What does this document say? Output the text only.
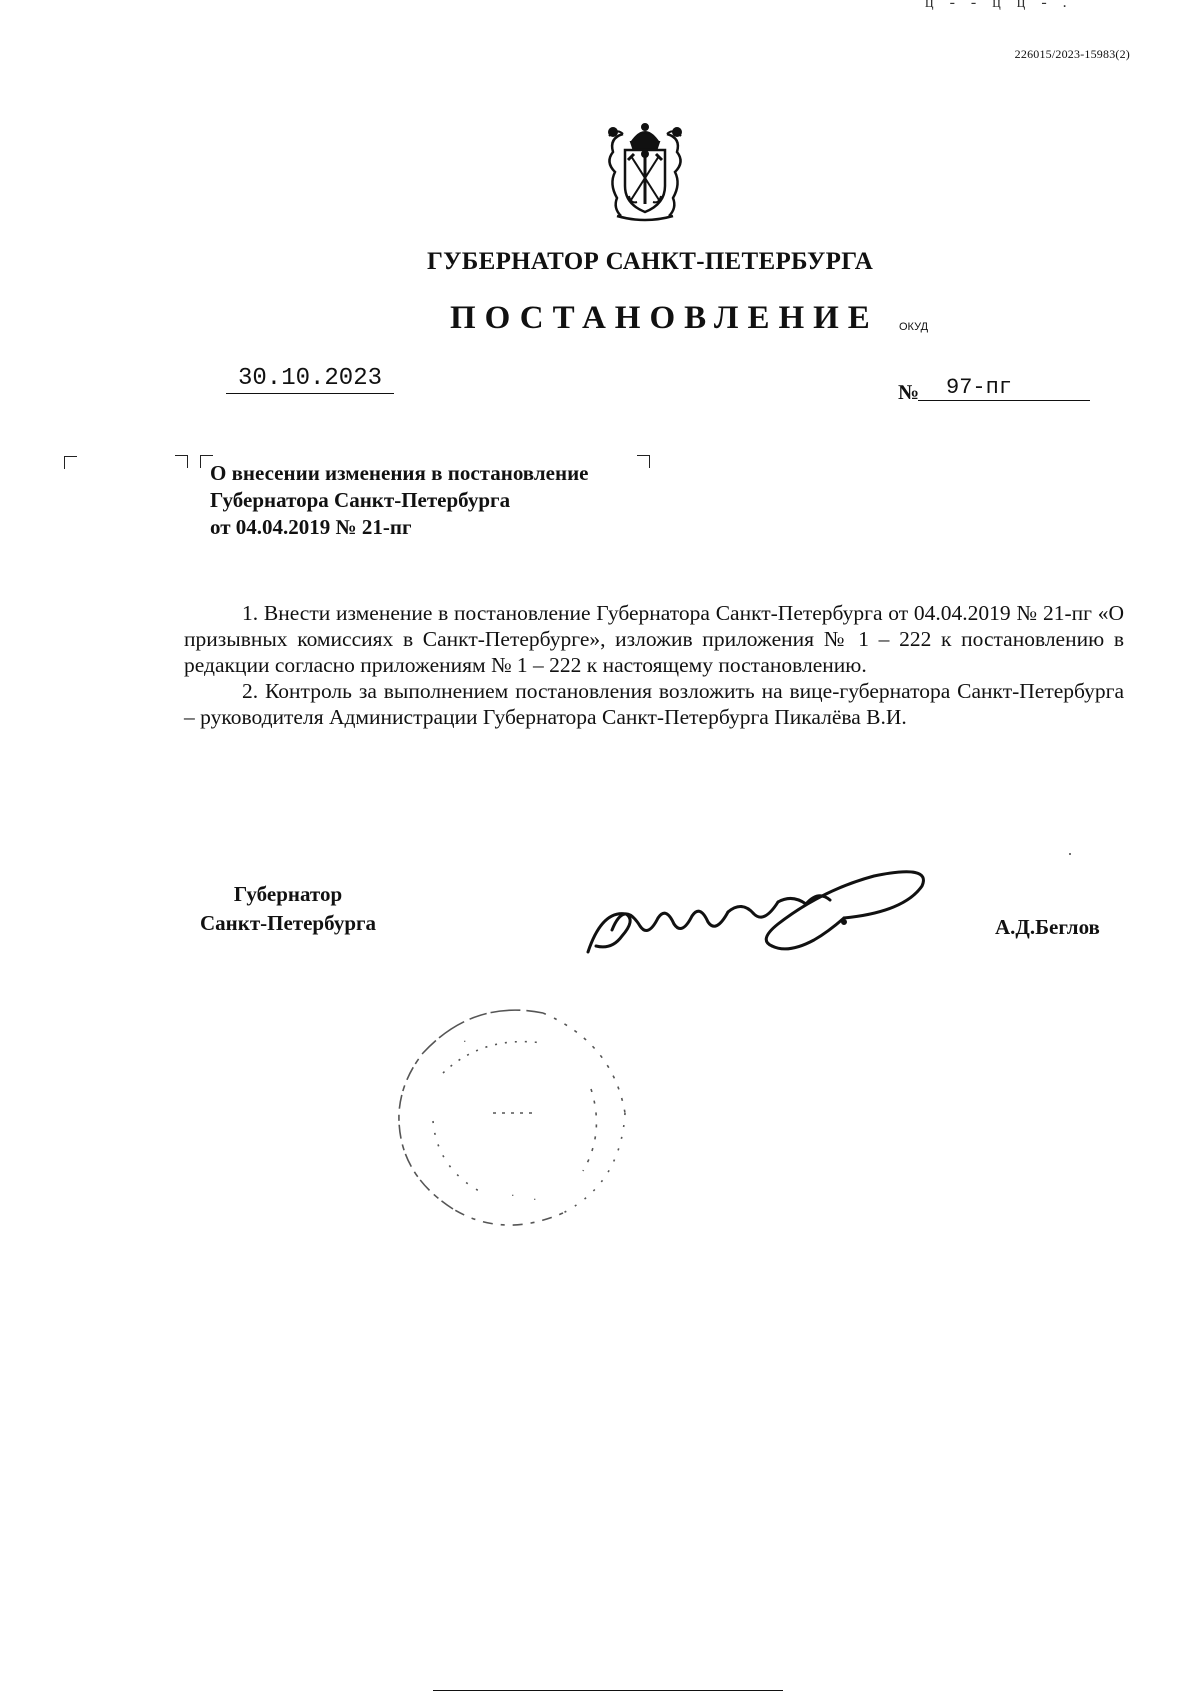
ц - - ц ц - .
226015/2023-15983(2)
ГУБЕРНАТОР САНКТ-ПЕТЕРБУРГА
ПОСТАНОВЛЕНИЕ ОКУД
30.10.2023	№	97-пг
О внесении изменения в постановление
Губернатора Санкт-Петербурга
от 04.04.2019 № 21-пг

1. Внести изменение в постановление Губернатора Санкт-Петербурга от 04.04.2019 № 21-пг «О призывных комиссиях в Санкт-Петербурге», изложив приложения № 1 – 222 к постановлению в редакции согласно приложениям № 1 – 222 к настоящему постановлению.

2. Контроль за выполнением постановления возложить на вице-губернатора Санкт-Петербурга – руководителя Администрации Губернатора Санкт-Петербурга Пикалёва В.И.

Губернатор
Санкт-Петербурга	А.Д.Беглов
·
· ·
